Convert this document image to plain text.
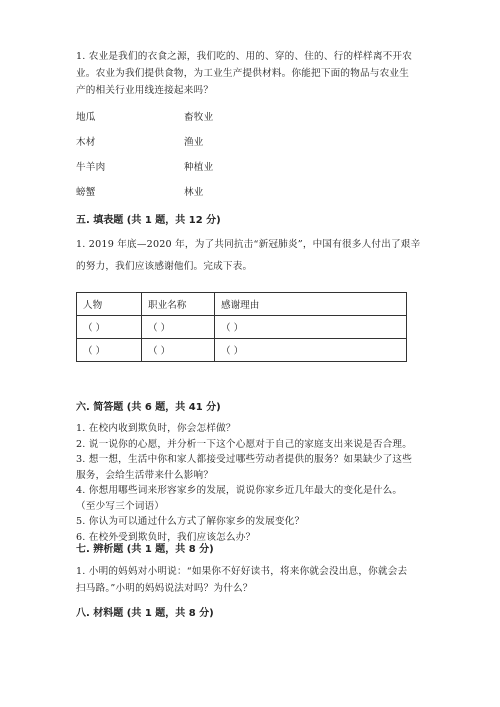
1. 农业是我们的衣食之源，我们吃的、用的、穿的、住的、行的样样离不开农

业。农业为我们提供食物，为工业生产提供材料。你能把下面的物品与农业生

产的相关行业用线连接起来吗？

地瓜	畜牧业
木材	渔业
牛羊肉	种植业
螃蟹	林业
五. 填表题 (共 1 题，共 12 分)
1. 2019 年底—2020 年，为了共同抗击“新冠肺炎”，中国有很多人付出了艰辛
的努力，我们应该感谢他们。完成下表。
人物	职业名称	感谢理由
（ ）	（ ）	（ ）
（ ）	（ ）	（ ）
六. 简答题 (共 6 题，共 41 分)

1. 在校内收到欺负时，你会怎样做？

2. 说一说你的心愿，并分析一下这个心愿对于自己的家庭支出来说是否合理。

3. 想一想，生活中你和家人都接受过哪些劳动者提供的服务？如果缺少了这些

服务，会给生活带来什么影响？

4. 你想用哪些词来形容家乡的发展，说说你家乡近几年最大的变化是什么。

（至少写三个词语）

5. 你认为可以通过什么方式了解你家乡的发展变化？

6. 在校外受到欺负时，我们应该怎么办？

七. 辨析题 (共 1 题，共 8 分)

1. 小明的妈妈对小明说：“如果你不好好读书，将来你就会没出息，你就会去

扫马路。”小明的妈妈说法对吗？为什么？

八. 材料题 (共 1 题，共 8 分)
